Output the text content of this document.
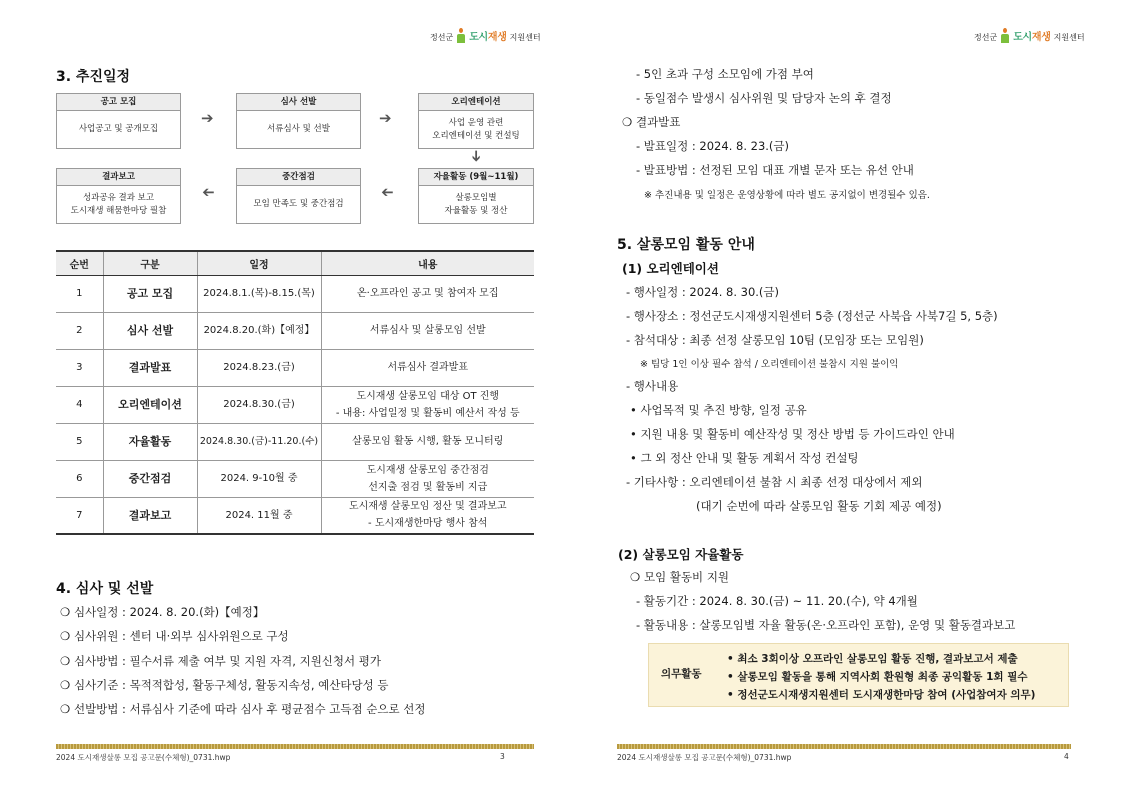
정선군 도시재생 지원센터
3. 추진일정
공고 모집
사업공고 및 공개모집
➔
심사 선발
서류심사 및 선발
➔
오리엔테이션
사업 운영 관련
오리엔테이션 및 컨설팅
➔
자율활동 (9월~11월)
살롱모임별
자율활동 및 정산
➔
중간점검
모임 만족도 및 중간점검
➔
결과보고
성과공유 결과 보고
도시재생 해뭄한마당 필참
순번	구분	일정	내용
1	공고 모집	2024.8.1.(목)-8.15.(목)	온·오프라인 공고 및 참여자 모집

2	심사 선발	2024.8.20.(화)【예정】	서류심사 및 살롱모임 선발

3	결과발표	2024.8.23.(금)	서류심사 결과발표

4	오리엔테이션	2024.8.30.(금)	도시재생 살롱모임 대상 OT 진행
- 내용: 사업일정 및 활동비 예산서 작성 등

5	자율활동	2024.8.30.(금)-11.20.(수)	살롱모임 활동 시행, 활동 모니터링

6	중간점검	2024. 9-10월 중	도시재생 살롱모임 중간점검
선지출 점검 및 활동비 지급

7	결과보고	2024. 11월 중	도시재생 살롱모임 정산 및 결과보고
- 도시재생한마당 행사 참석
4. 심사 및 선발
❍ 심사일정 : 2024. 8. 20.(화)【예정】
❍ 심사위원 : 센터 내·외부 심사위원으로 구성
❍ 심사방법 : 필수서류 제출 여부 및 지원 자격, 지원신청서 평가
❍ 심사기준 : 목적적합성, 활동구체성, 활동지속성, 예산타당성 등
❍ 선발방법 : 서류심사 기준에 따라 심사 후 평균점수 고득점 순으로 선정
2024 도시재생살롱 모집 공고문(수체형)_0731.hwp	3
정선군 도시재생 지원센터
- 5인 초과 구성 소모임에 가점 부여
- 동일점수 발생시 심사위원 및 담당자 논의 후 결정
❍ 결과발표
- 발표일정 : 2024. 8. 23.(금)
- 발표방법 : 선정된 모임 대표 개별 문자 또는 유선 안내
※ 추진내용 및 일정은 운영상황에 따라 별도 공지없이 변경될수 있음.
5. 살롱모임 활동 안내
(1) 오리엔테이션
- 행사일정 : 2024. 8. 30.(금)
- 행사장소 : 정선군도시재생지원센터 5층 (정선군 사북읍 사북7길 5, 5층)
- 참석대상 : 최종 선정 살롱모임 10팀 (모임장 또는 모임원)
※ 팀당 1인 이상 필수 참석 / 오리엔테이션 불참시 지원 불이익
- 행사내용
• 사업목적 및 추진 방향, 일정 공유
• 지원 내용 및 활동비 예산작성 및 정산 방법 등 가이드라인 안내
• 그 외 정산 안내 및 활동 계획서 작성 컨설팅
- 기타사항 : 오리엔테이션 불참 시 최종 선정 대상에서 제외
(대기 순번에 따라 살롱모임 활동 기회 제공 예정)
(2) 살롱모임 자율활동
❍ 모임 활동비 지원
- 활동기간 : 2024. 8. 30.(금) ~ 11. 20.(수), 약 4개월
- 활동내용 : 살롱모임별 자율 활동(온·오프라인 포함), 운영 및 활동결과보고
의무활동
• 최소 3회이상 오프라인 살롱모임 활동 진행, 결과보고서 제출
• 살롱모임 활동을 통해 지역사회 환원형 최종 공익활동 1회 필수
• 정선군도시재생지원센터 도시재생한마당 참여 (사업참여자 의무)
2024 도시재생살롱 모집 공고문(수체형)_0731.hwp	4
